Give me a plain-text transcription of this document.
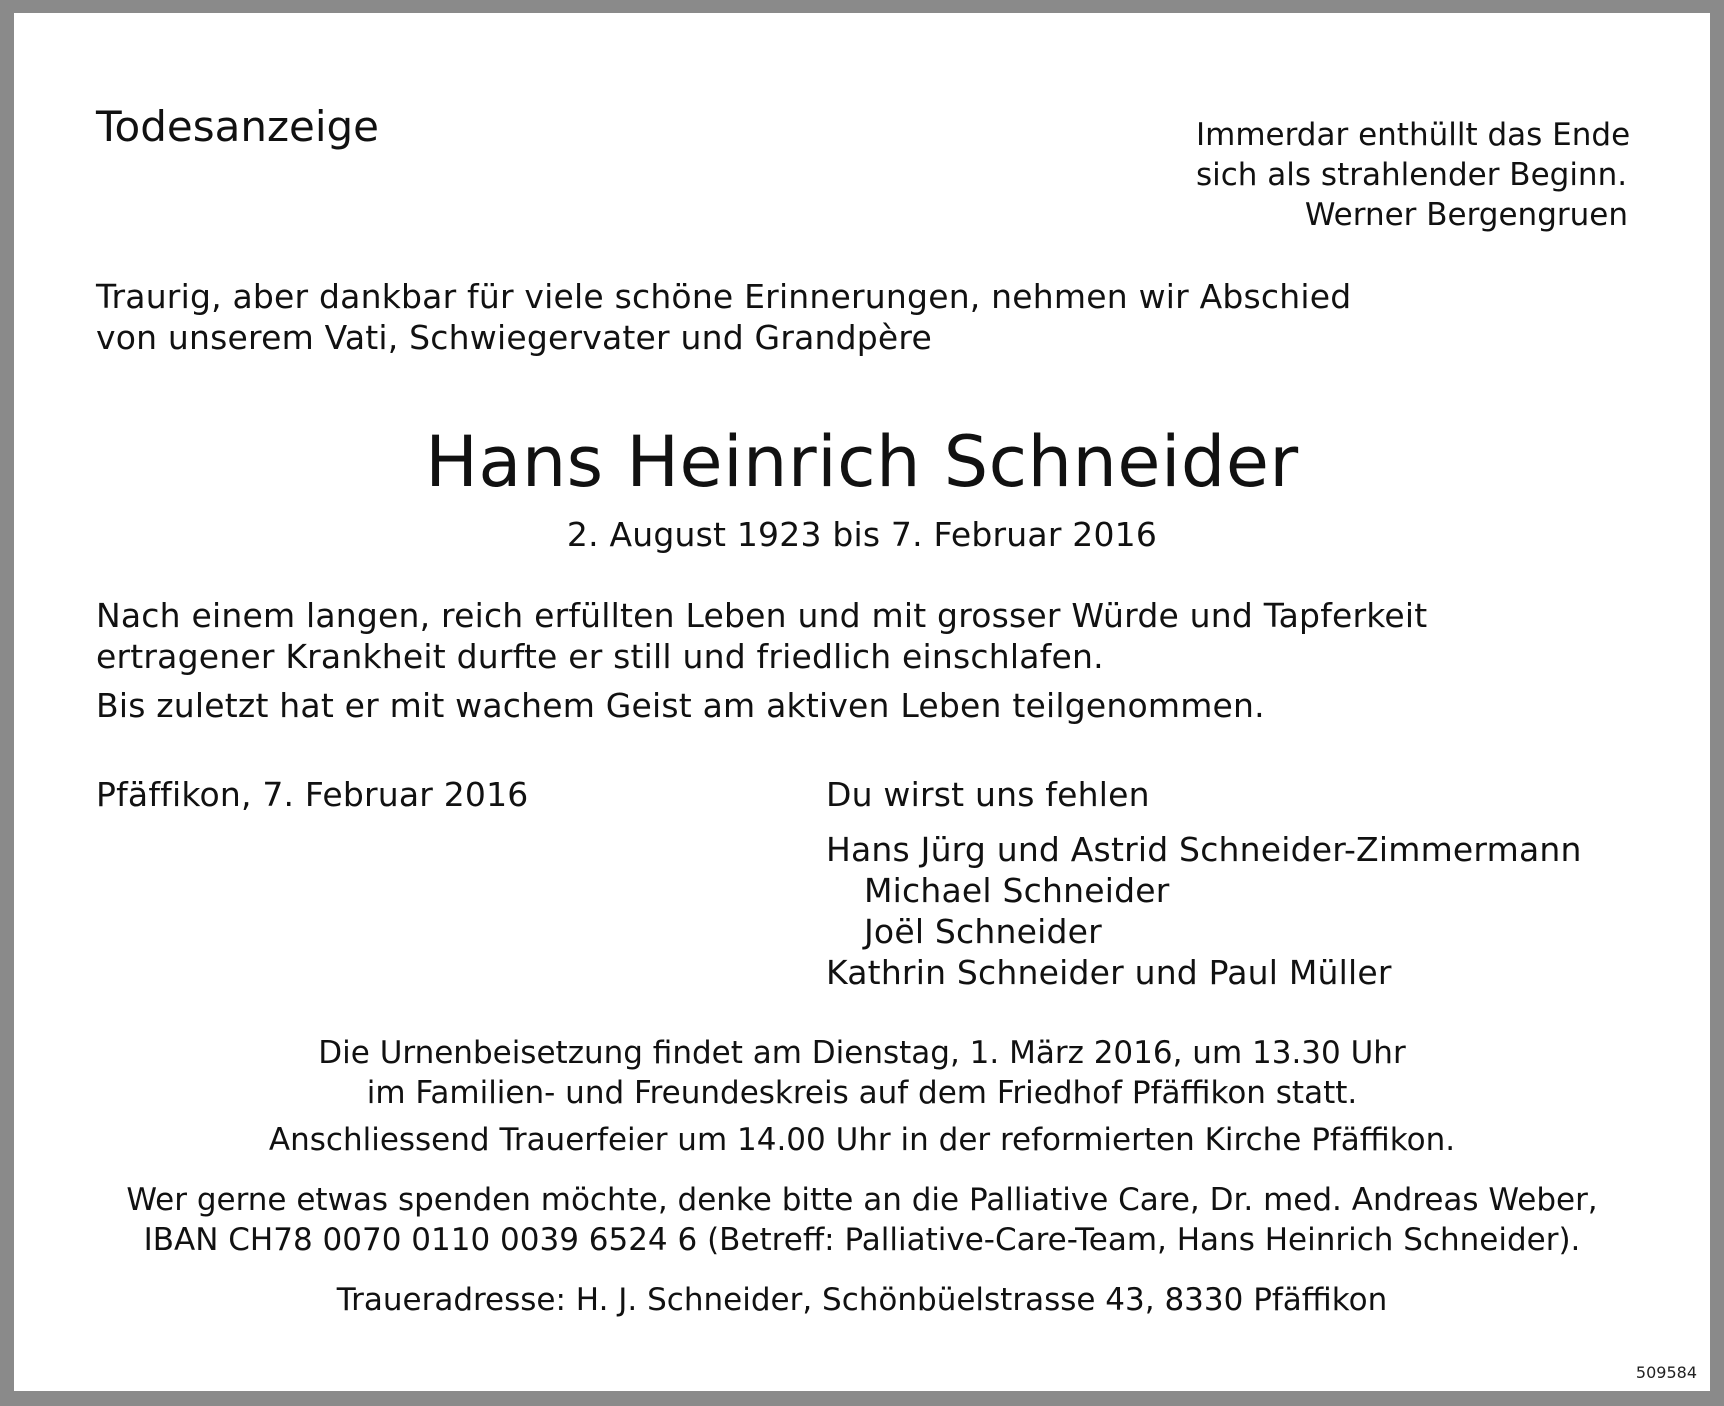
Todesanzeige	Immerdar enthüllt das Ende
sich als strahlender Beginn.
Werner Bergengruen
Traurig, aber dankbar für viele schöne Erinnerungen, nehmen wir Abschied
von unserem Vati, Schwiegervater und Grandpère
Hans Heinrich Schneider
2. August 1923 bis 7. Februar 2016
Nach einem langen, reich erfüllten Leben und mit grosser Würde und Tapferkeit
ertragener Krankheit durfte er still und friedlich einschlafen.
Bis zuletzt hat er mit wachem Geist am aktiven Leben teilgenommen.
Pfäffikon, 7. Februar 2016	Du wirst uns fehlen
Hans Jürg und Astrid Schneider-Zimmermann
Michael Schneider
Joël Schneider
Kathrin Schneider und Paul Müller
Die Urnenbeisetzung findet am Dienstag, 1. März 2016, um 13.30 Uhr
im Familien- und Freundeskreis auf dem Friedhof Pfäffikon statt.
Anschliessend Trauerfeier um 14.00 Uhr in der reformierten Kirche Pfäffikon.
Wer gerne etwas spenden möchte, denke bitte an die Palliative Care, Dr. med. Andreas Weber,
IBAN CH78 0070 0110 0039 6524 6 (Betreff: Palliative-Care-Team, Hans Heinrich Schneider).
Traueradresse: H. J. Schneider, Schönbüelstrasse 43, 8330 Pfäffikon
509584
